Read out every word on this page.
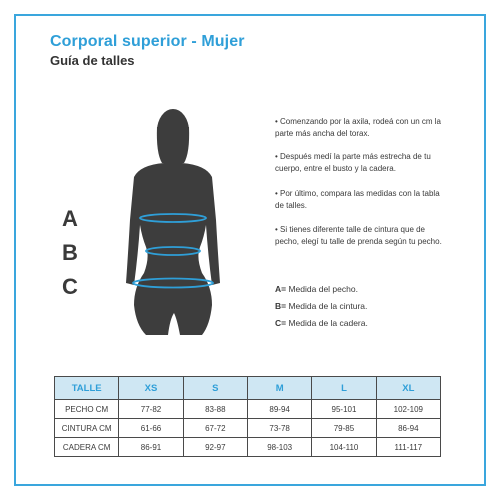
Corporal superior - Mujer
Guía de talles
A
B
C
• Comenzando por la axila, rodeá con un cm la parte más ancha del torax.
• Después medí la parte más estrecha de tu cuerpo, entre el busto y la cadera.
• Por último, compara las medidas con la tabla de talles.
• Si tienes diferente talle de cintura que de pecho, elegí tu talle de prenda según tu pecho.
A= Medida del pecho.
B= Medida de la cintura.
C= Medida de la cadera.
TALLE	XS	S	M	L	XL
PECHO CM	77-82	83-88	89-94	95-101	102-109
CINTURA CM	61-66	67-72	73-78	79-85	86-94
CADERA CM	86-91	92-97	98-103	104-110	111-117
